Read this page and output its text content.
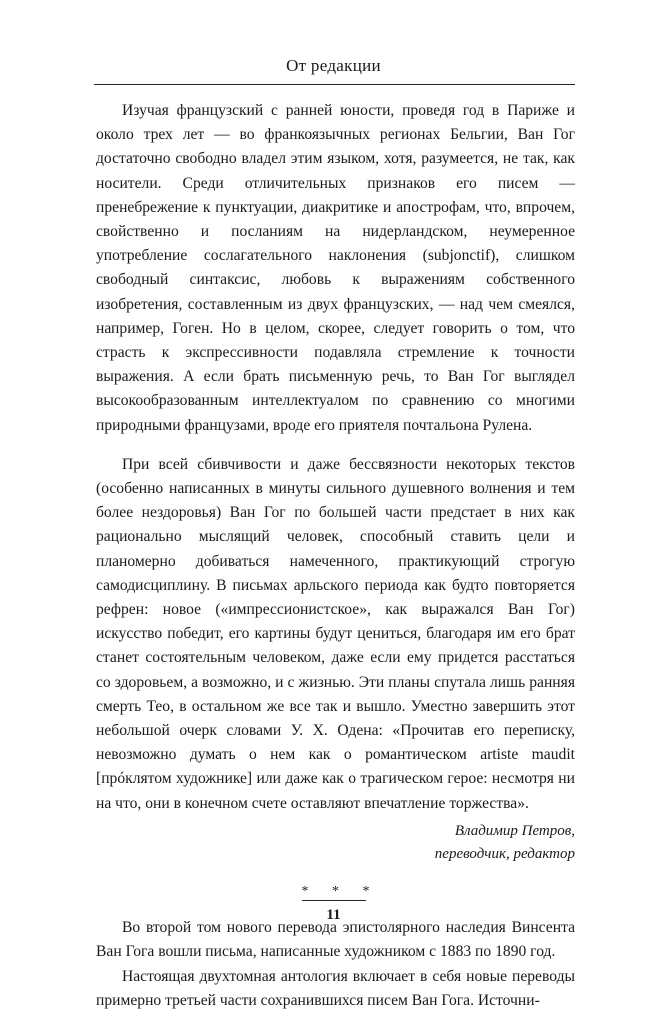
От редакции

Изучая французский с ранней юности, проведя год в Париже и около трех лет — во франкоязычных регионах Бельгии, Ван Гог достаточно свободно владел этим языком, хотя, разумеется, не так, как носители. Среди отличительных признаков его писем — пренебрежение к пунктуации, диакритике и апострофам, что, впрочем, свойственно и посланиям на нидерландском, неумеренное употребление сослагательного наклонения (subjonctif), слишком свободный синтаксис, любовь к выражениям собственного изобретения, составленным из двух французских, — над чем смеялся, например, Гоген. Но в целом, скорее, следует говорить о том, что страсть к экспрессивности подавляла стремление к точности выражения. А если брать письменную речь, то Ван Гог выглядел высокообразованным интеллектуалом по сравнению со многими природными французами, вроде его приятеля почтальона Рулена.

При всей сбивчивости и даже бессвязности некоторых текстов (особенно написанных в минуты сильного душевного волнения и тем более нездоровья) Ван Гог по большей части предстает в них как рационально мыслящий человек, способный ставить цели и планомерно добиваться намеченного, практикующий строгую самодисциплину. В письмах арльского периода как будто повторяется рефрен: новое («импрессионистское», как выражался Ван Гог) искусство победит, его картины будут цениться, благодаря им его брат станет состоятельным человеком, даже если ему придется расстаться со здоровьем, а возможно, и с жизнью. Эти планы спутала лишь ранняя смерть Тео, в остальном же все так и вышло. Уместно завершить этот небольшой очерк словами У. Х. Одена: «Прочитав его переписку, невозможно думать о нем как о романтическом artiste maudit [прóклятом художнике] или даже как о трагическом герое: несмотря ни на что, они в конечном счете оставляют впечатление торжества».

Владимир Петров,
переводчик, редактор
* * *

Во второй том нового перевода эпистолярного наследия Винсента Ван Гога вошли письма, написанные художником с 1883 по 1890 год.

Настоящая двухтомная антология включает в себя новые переводы примерно третьей части сохранившихся писем Ван Гога. Источни-

11
